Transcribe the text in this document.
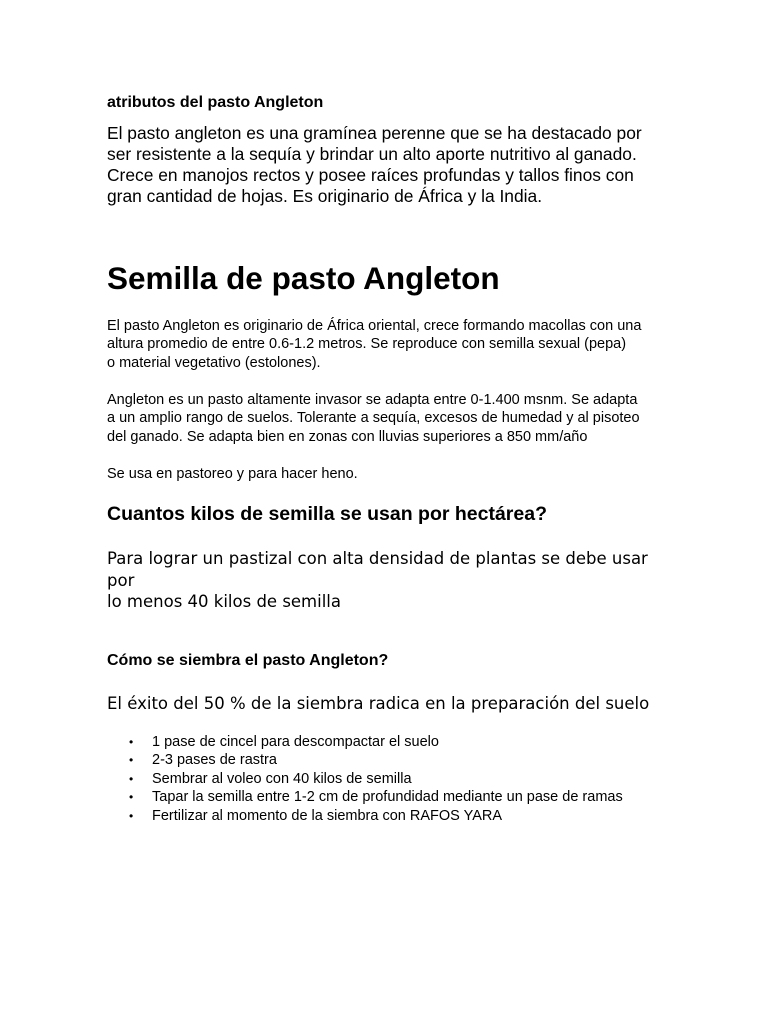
atributos del pasto Angleton

El pasto angleton es una gramínea perenne que se ha destacado por
ser resistente a la sequía y brindar un alto aporte nutritivo al ganado.
Crece en manojos rectos y posee raíces profundas y tallos finos con
gran cantidad de hojas. Es originario de África y la India.

Semilla de pasto Angleton

El pasto Angleton es originario de África oriental, crece formando macollas con una
altura promedio de entre 0.6-1.2 metros. Se reproduce con semilla sexual (pepa)
o material vegetativo (estolones).

Angleton es un pasto altamente invasor se adapta entre 0-1.400 msnm. Se adapta
a un amplio rango de suelos. Tolerante a sequía, excesos de humedad y al pisoteo
del ganado. Se adapta bien en zonas con lluvias superiores a 850 mm/año

Se usa en pastoreo y para hacer heno.

Cuantos kilos de semilla se usan por hectárea?

Para lograr un pastizal con alta densidad de plantas se debe usar por
lo menos 40 kilos de semilla

Cómo se siembra el pasto Angleton?

El éxito del 50 % de la siembra radica en la preparación del suelo

• 1 pase de cincel para descompactar el suelo
• 2-3 pases de rastra
• Sembrar al voleo con 40 kilos de semilla
• Tapar la semilla entre 1-2 cm de profundidad mediante un pase de ramas
• Fertilizar al momento de la siembra con RAFOS YARA
